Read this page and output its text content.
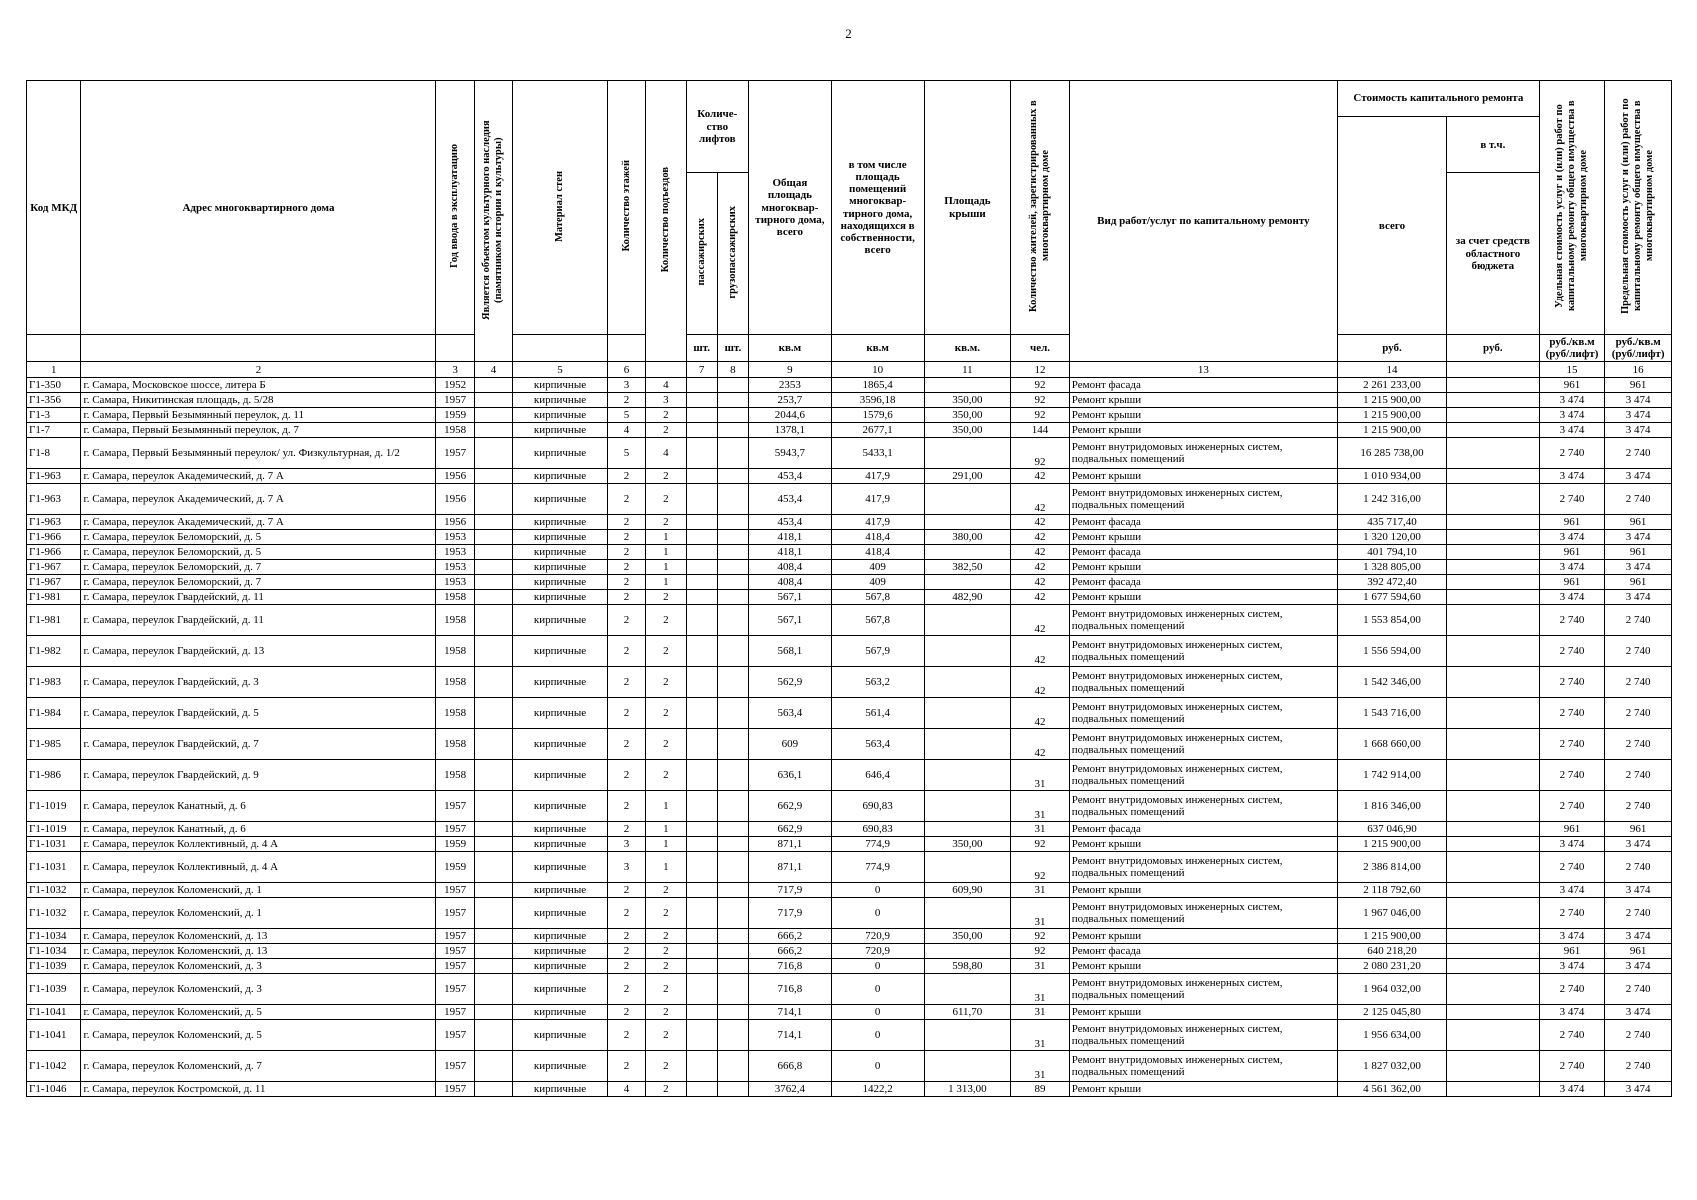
2
Код МКД	Адрес многоквартирного дома	Год ввода в эксплуатацию	Является объектом культурного наследия (памятником истории и культуры)	Материал стен	Количество этажей	Количество подъездов	Количе-ство лифтов		Общая площадь многоквар-тирного дома, всего	в том числе площадь помещений многоквар-тирного дома, находящихся в собственности, всего	Площадь крыши	Количество жителей, зарегистрированных в многоквартирном доме	Вид работ/услуг по капитальному ремонту	Стоимость капитального ремонта		Удельная стоимость услуг и (или) работ по капитальному ремонту общего имущества в многоквартирном доме	Предельная стоимость услуг и (или) работ по капитальному ремонту общего имущества в многоквартирном доме
														всего	в т.ч.		
							пассажирских	грузопассажирских							за счет средств областного бюджета		
							шт.	шт.	кв.м	кв.м	кв.м.	чел.		руб.	руб.	руб./кв.м (руб/лифт)	руб./кв.м (руб/лифт)
1	2	3	4	5	6		7	8	9	10	11	12	13	14		15	16
Г1-350	г. Самара, Московское шоссе, литера Б	1952		кирпичные	3	4			2353	1865,4		92	Ремонт фасада	2 261 233,00		961	961
Г1-356	г. Самара, Никитинская площадь, д. 5/28	1957		кирпичные	2	3			253,7	3596,18	350,00	92	Ремонт крыши	1 215 900,00		3 474	3 474
Г1-3	г. Самара, Первый Безымянный переулок, д. 11	1959		кирпичные	5	2			2044,6	1579,6	350,00	92	Ремонт крыши	1 215 900,00		3 474	3 474
Г1-7	г. Самара, Первый Безымянный переулок, д. 7	1958		кирпичные	4	2			1378,1	2677,1	350,00	144	Ремонт крыши	1 215 900,00		3 474	3 474
Г1-8	г. Самара, Первый Безымянный переулок/ ул. Физкультурная, д. 1/2	1957		кирпичные	5	4			5943,7	5433,1		92	Ремонт внутридомовых инженерных систем, подвальных помещений	16 285 738,00		2 740	2 740
Г1-963	г. Самара, переулок Академический, д. 7 А	1956		кирпичные	2	2			453,4	417,9	291,00	42	Ремонт крыши	1 010 934,00		3 474	3 474
Г1-963	г. Самара, переулок Академический, д. 7 А	1956		кирпичные	2	2			453,4	417,9		42	Ремонт внутридомовых инженерных систем, подвальных помещений	1 242 316,00		2 740	2 740
Г1-963	г. Самара, переулок Академический, д. 7 А	1956		кирпичные	2	2			453,4	417,9		42	Ремонт фасада	435 717,40		961	961
Г1-966	г. Самара, переулок Беломорский, д. 5	1953		кирпичные	2	1			418,1	418,4	380,00	42	Ремонт крыши	1 320 120,00		3 474	3 474
Г1-966	г. Самара, переулок Беломорский, д. 5	1953		кирпичные	2	1			418,1	418,4		42	Ремонт фасада	401 794,10		961	961
Г1-967	г. Самара, переулок Беломорский, д. 7	1953		кирпичные	2	1			408,4	409	382,50	42	Ремонт крыши	1 328 805,00		3 474	3 474
Г1-967	г. Самара, переулок Беломорский, д. 7	1953		кирпичные	2	1			408,4	409		42	Ремонт фасада	392 472,40		961	961
Г1-981	г. Самара, переулок Гвардейский, д. 11	1958		кирпичные	2	2			567,1	567,8	482,90	42	Ремонт крыши	1 677 594,60		3 474	3 474
Г1-981	г. Самара, переулок Гвардейский, д. 11	1958		кирпичные	2	2			567,1	567,8		42	Ремонт внутридомовых инженерных систем, подвальных помещений	1 553 854,00		2 740	2 740
Г1-982	г. Самара, переулок Гвардейский, д. 13	1958		кирпичные	2	2			568,1	567,9		42	Ремонт внутридомовых инженерных систем, подвальных помещений	1 556 594,00		2 740	2 740
Г1-983	г. Самара, переулок Гвардейский, д. 3	1958		кирпичные	2	2			562,9	563,2		42	Ремонт внутридомовых инженерных систем, подвальных помещений	1 542 346,00		2 740	2 740
Г1-984	г. Самара, переулок Гвардейский, д. 5	1958		кирпичные	2	2			563,4	561,4		42	Ремонт внутридомовых инженерных систем, подвальных помещений	1 543 716,00		2 740	2 740
Г1-985	г. Самара, переулок Гвардейский, д. 7	1958		кирпичные	2	2			609	563,4		42	Ремонт внутридомовых инженерных систем, подвальных помещений	1 668 660,00		2 740	2 740
Г1-986	г. Самара, переулок Гвардейский, д. 9	1958		кирпичные	2	2			636,1	646,4		31	Ремонт внутридомовых инженерных систем, подвальных помещений	1 742 914,00		2 740	2 740
Г1-1019	г. Самара, переулок Канатный, д. 6	1957		кирпичные	2	1			662,9	690,83		31	Ремонт внутридомовых инженерных систем, подвальных помещений	1 816 346,00		2 740	2 740
Г1-1019	г. Самара, переулок Канатный, д. 6	1957		кирпичные	2	1			662,9	690,83		31	Ремонт фасада	637 046,90		961	961
Г1-1031	г. Самара, переулок Коллективный, д. 4 А	1959		кирпичные	3	1			871,1	774,9	350,00	92	Ремонт крыши	1 215 900,00		3 474	3 474
Г1-1031	г. Самара, переулок Коллективный, д. 4 А	1959		кирпичные	3	1			871,1	774,9		92	Ремонт внутридомовых инженерных систем, подвальных помещений	2 386 814,00		2 740	2 740
Г1-1032	г. Самара, переулок Коломенский, д. 1	1957		кирпичные	2	2			717,9	0	609,90	31	Ремонт крыши	2 118 792,60		3 474	3 474
Г1-1032	г. Самара, переулок Коломенский, д. 1	1957		кирпичные	2	2			717,9	0		31	Ремонт внутридомовых инженерных систем, подвальных помещений	1 967 046,00		2 740	2 740
Г1-1034	г. Самара, переулок Коломенский, д. 13	1957		кирпичные	2	2			666,2	720,9	350,00	92	Ремонт крыши	1 215 900,00		3 474	3 474
Г1-1034	г. Самара, переулок Коломенский, д. 13	1957		кирпичные	2	2			666,2	720,9		92	Ремонт фасада	640 218,20		961	961
Г1-1039	г. Самара, переулок Коломенский, д. 3	1957		кирпичные	2	2			716,8	0	598,80	31	Ремонт крыши	2 080 231,20		3 474	3 474
Г1-1039	г. Самара, переулок Коломенский, д. 3	1957		кирпичные	2	2			716,8	0		31	Ремонт внутридомовых инженерных систем, подвальных помещений	1 964 032,00		2 740	2 740
Г1-1041	г. Самара, переулок Коломенский, д. 5	1957		кирпичные	2	2			714,1	0	611,70	31	Ремонт крыши	2 125 045,80		3 474	3 474
Г1-1041	г. Самара, переулок Коломенский, д. 5	1957		кирпичные	2	2			714,1	0		31	Ремонт внутридомовых инженерных систем, подвальных помещений	1 956 634,00		2 740	2 740
Г1-1042	г. Самара, переулок Коломенский, д. 7	1957		кирпичные	2	2			666,8	0		31	Ремонт внутридомовых инженерных систем, подвальных помещений	1 827 032,00		2 740	2 740
Г1-1046	г. Самара, переулок Костромской, д. 11	1957		кирпичные	4	2			3762,4	1422,2	1 313,00	89	Ремонт крыши	4 561 362,00		3 474	3 474
